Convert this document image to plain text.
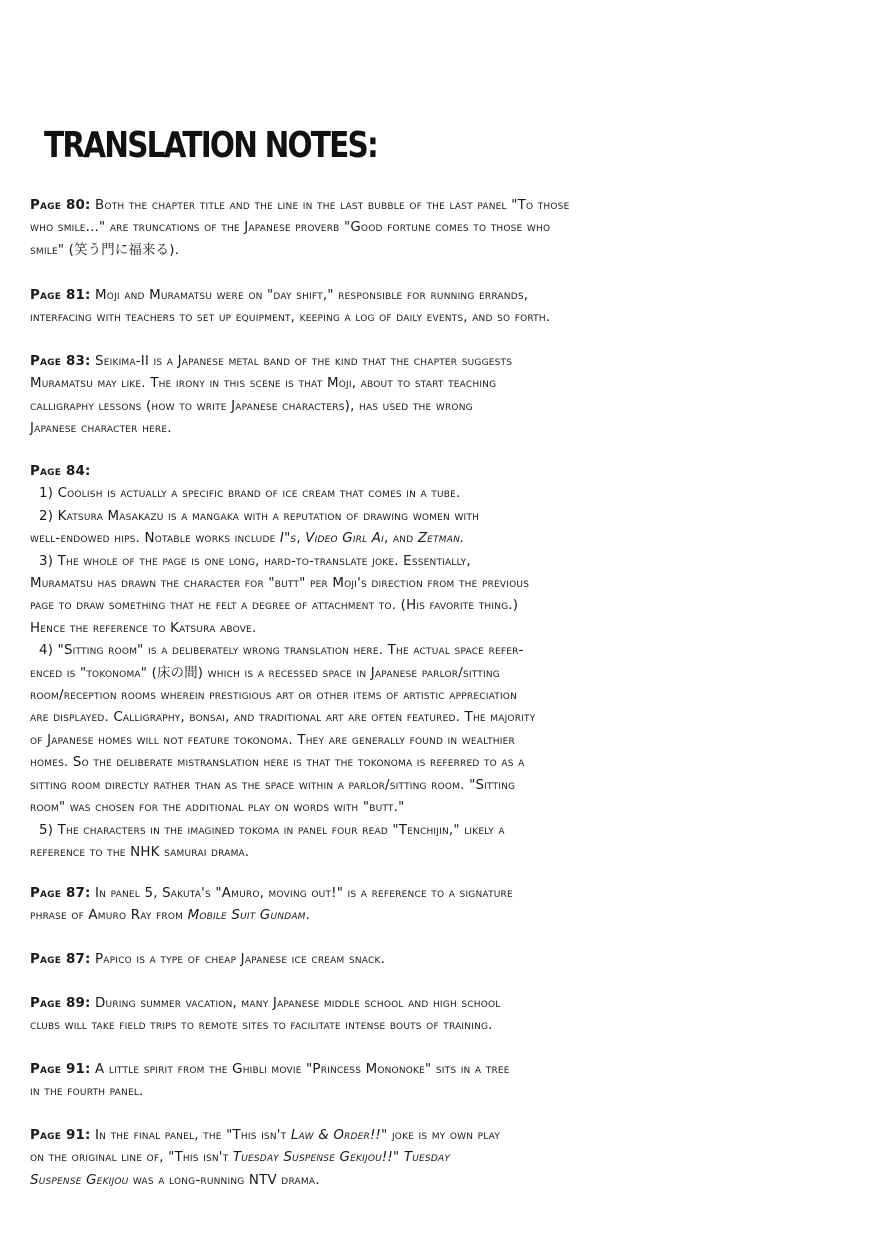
TRANSLATION NOTES:
Page 80: Both the chapter title and the line in the last bubble of the last panel "To those
who smile..." are truncations of the Japanese proverb "Good fortune comes to those who
smile" (笑う門に福来る).
Page 81: Moji and Muramatsu were on "day shift," responsible for running errands,
interfacing with teachers to set up equipment, keeping a log of daily events, and so forth.
Page 83: Seikima-II is a Japanese metal band of the kind that the chapter suggests
Muramatsu may like. The irony in this scene is that Moji, about to start teaching
calligraphy lessons (how to write Japanese characters), has used the wrong
Japanese character here.
Page 84:
1) Coolish is actually a specific brand of ice cream that comes in a tube.
2) Katsura Masakazu is a mangaka with a reputation of drawing women with
well-endowed hips. Notable works include I"s, Video Girl Ai, and Zetman.
3) The whole of the page is one long, hard-to-translate joke. Essentially,
Muramatsu has drawn the character for "butt" per Moji's direction from the previous
page to draw something that he felt a degree of attachment to. (His favorite thing.)
Hence the reference to Katsura above.
4) "Sitting room" is a deliberately wrong translation here. The actual space refer-
enced is "tokonoma" (床の間) which is a recessed space in Japanese parlor/sitting
room/reception rooms wherein prestigious art or other items of artistic appreciation
are displayed. Calligraphy, bonsai, and traditional art are often featured. The majority
of Japanese homes will not feature tokonoma. They are generally found in wealthier
homes. So the deliberate mistranslation here is that the tokonoma is referred to as a
sitting room directly rather than as the space within a parlor/sitting room. "Sitting
room" was chosen for the additional play on words with "butt."
5) The characters in the imagined tokoma in panel four read "Tenchijin," likely a
reference to the NHK samurai drama.
Page 87: In panel 5, Sakuta's "Amuro, moving out!" is a reference to a signature
phrase of Amuro Ray from Mobile Suit Gundam.
Page 87: Papico is a type of cheap Japanese ice cream snack.
Page 89: During summer vacation, many Japanese middle school and high school
clubs will take field trips to remote sites to facilitate intense bouts of training.
Page 91: A little spirit from the Ghibli movie "Princess Mononoke" sits in a tree
in the fourth panel.
Page 91: In the final panel, the "This isn't Law & Order!!" joke is my own play
on the original line of, "This isn't Tuesday Suspense Gekijou!!" Tuesday
Suspense Gekijou was a long-running NTV drama.
